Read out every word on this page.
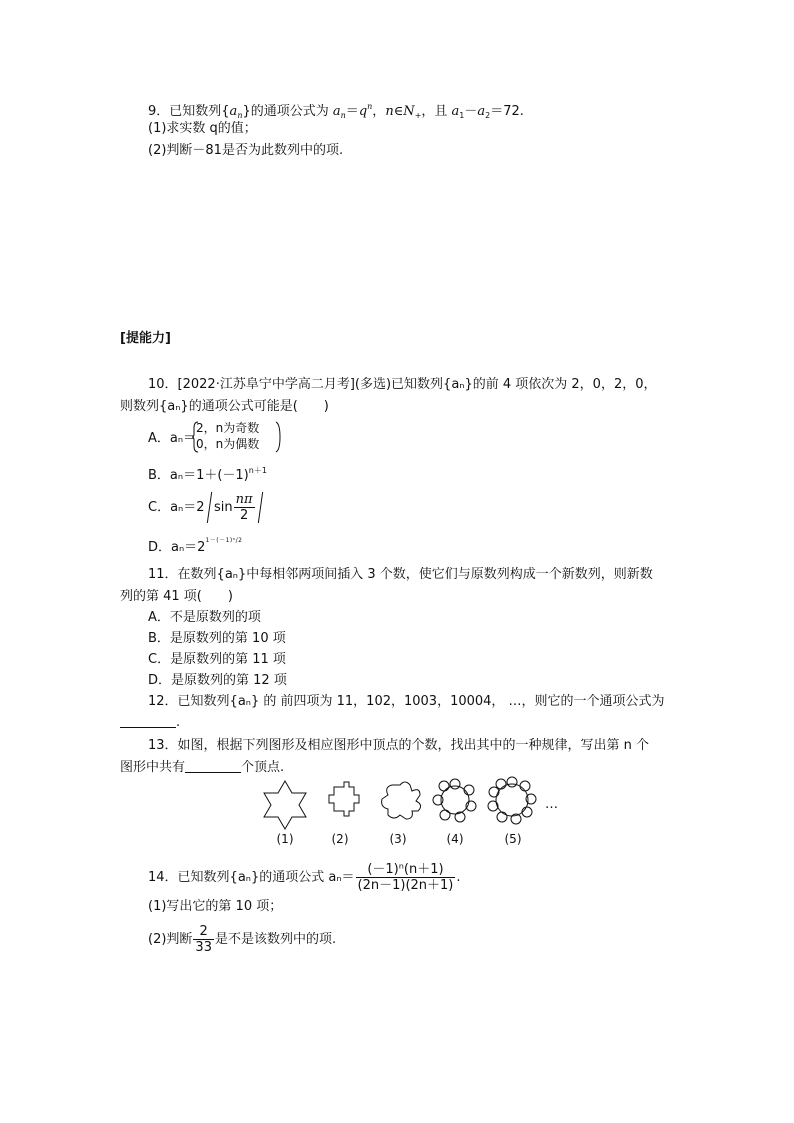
9．已知数列$\{a_n\}$的通项公式为 $a_n=q^n$，$n\in N_+$，且 $a_1-a_2=72$.
(1)求实数 q的值；
(2)判断－81是否为此数列中的项.
[提能力]
10．[2022·江苏阜宁中学高二月考](多选)已知数列{aₙ}的前 4 项依次为 2，0，2，0，
则数列{aₙ}的通项公式可能是(　　)
A．aₙ＝
2，n为奇数
0，n为偶数
B．$a_n=1+(-1)^{n+1}$
C．aₙ＝2 $\sin \frac{n\pi}{2}$
D．$a_n=2^{1-(-1)^n/2}$
11．在数列{aₙ}中每相邻两项间插入 3 个数，使它们与原数列构成一个新数列，则新数
列的第 41 项(　　)
A．不是原数列的项
B．是原数列的第 10 项
C．是原数列的第 11 项
D．是原数列的第 12 项
12．已知数列{aₙ} 的 前四项为 11，102，1003，10004， …，则它的一个通项公式为
.
13．如图，根据下列图形及相应图形中顶点的个数，找出其中的一种规律，写出第 n 个
图形中共有	个顶点.
…
(1)	(2)	(3)	(4)	(5)
14．已知数列{aₙ}的通项公式 $a_n= \frac{\text{(－1)ⁿ(n＋1)}}{(2n-1)(2n+1)}$ .
(1)写出它的第 10 项；
(2)判断 $\frac{2}{33}$ 是不是该数列中的项.
